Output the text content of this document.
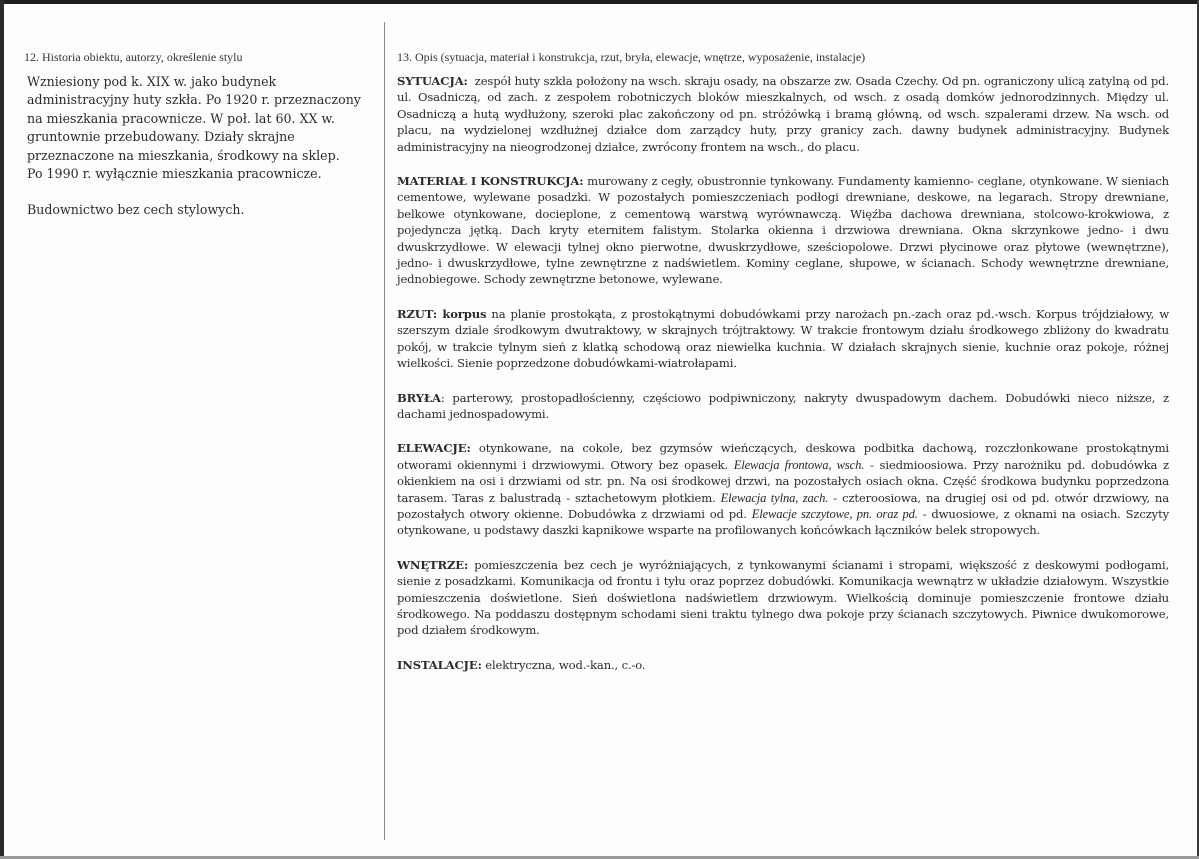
12. Historia obiektu, autorzy, określenie stylu

Wzniesiony pod k. XIX w. jako budynek

administracyjny huty szkła. Po 1920 r. przeznaczony

na mieszkania pracownicze. W poł. lat 60. XX w.

gruntownie przebudowany. Działy skrajne

przeznaczone na mieszkania, środkowy na sklep.

Po 1990 r. wyłącznie mieszkania pracownicze.

Budownictwo bez cech stylowych.

13. Opis (sytuacja, materiał i konstrukcja, rzut, bryła, elewacje, wnętrze, wyposażenie, instalacje)

SYTUACJA: zespół huty szkła położony na wsch. skraju osady, na obszarze zw. Osada Czechy. Od pn. ograniczony ulicą zatylną od pd. ul. Osadniczą, od zach. z zespołem robotniczych bloków mieszkalnych, od wsch. z osadą domków jednorodzinnych. Między ul. Osadniczą a hutą wydłużony, szeroki plac zakończony od pn. stróżówką i bramą główną, od wsch. szpalerami drzew. Na wsch. od placu, na wydzielonej wzdłużnej działce dom zarządcy huty, przy granicy zach. dawny budynek administracyjny. Budynek administracyjny na nieogrodzonej działce, zwrócony frontem na wsch., do placu.

MATERIAŁ I KONSTRUKCJA: murowany z cegły, obustronnie tynkowany. Fundamenty kamienno- ceglane, otynkowane. W sieniach cementowe, wylewane posadzki. W pozostałych pomieszczeniach podłogi drewniane, deskowe, na legarach. Stropy drewniane, belkowe otynkowane, docieplone, z cementową warstwą wyrównawczą. Więźba dachowa drewniana, stolcowo-krokwiowa, z pojedyncza jętką. Dach kryty eternitem falistym. Stolarka okienna i drzwiowa drewniana. Okna skrzynkowe jedno- i dwu dwuskrzydłowe. W elewacji tylnej okno pierwotne, dwuskrzydłowe, sześciopolowe. Drzwi płycinowe oraz płytowe (wewnętrzne), jedno- i dwuskrzydłowe, tylne zewnętrzne z nadświetlem. Kominy ceglane, słupowe, w ścianach. Schody wewnętrzne drewniane, jednobiegowe. Schody zewnętrzne betonowe, wylewane.

RZUT: korpus na planie prostokąta, z prostokątnymi dobudówkami przy narożach pn.-zach oraz pd.-wsch. Korpus trójdziałowy, w szerszym dziale środkowym dwutraktowy, w skrajnych trójtraktowy. W trakcie frontowym działu środkowego zbliżony do kwadratu pokój, w trakcie tylnym sień z klatką schodową oraz niewielka kuchnia. W działach skrajnych sienie, kuchnie oraz pokoje, różnej wielkości. Sienie poprzedzone dobudówkami-wiatrołapami.

BRYŁA: parterowy, prostopadłościenny, częściowo podpiwniczony, nakryty dwuspadowym dachem. Dobudówki nieco niższe, z dachami jednospadowymi.

ELEWACJE: otynkowane, na cokole, bez gzymsów wieńczących, deskowa podbitka dachową, rozczłonkowane prostokątnymi otworami okiennymi i drzwiowymi. Otwory bez opasek. Elewacja frontowa, wsch. - siedmioosiowa. Przy narożniku pd. dobudówka z okienkiem na osi i drzwiami od str. pn. Na osi środkowej drzwi, na pozostałych osiach okna. Część środkowa budynku poprzedzona tarasem. Taras z balustradą - sztachetowym płotkiem. Elewacja tylna, zach. - czteroosiowa, na drugiej osi od pd. otwór drzwiowy, na pozostałych otwory okienne. Dobudówka z drzwiami od pd. Elewacje szczytowe, pn. oraz pd. - dwuosiowe, z oknami na osiach. Szczyty otynkowane, u podstawy daszki kapnikowe wsparte na profilowanych końcówkach łączników belek stropowych.

WNĘTRZE: pomieszczenia bez cech je wyróżniających, z tynkowanymi ścianami i stropami, większość z deskowymi podłogami, sienie z posadzkami. Komunikacja od frontu i tyłu oraz poprzez dobudówki. Komunikacja wewnątrz w układzie działowym. Wszystkie pomieszczenia doświetlone. Sień doświetlona nadświetlem drzwiowym. Wielkością dominuje pomieszczenie frontowe działu środkowego. Na poddaszu dostępnym schodami sieni traktu tylnego dwa pokoje przy ścianach szczytowych. Piwnice dwukomorowe, pod działem środkowym.

INSTALACJE: elektryczna, wod.-kan., c.-o.
